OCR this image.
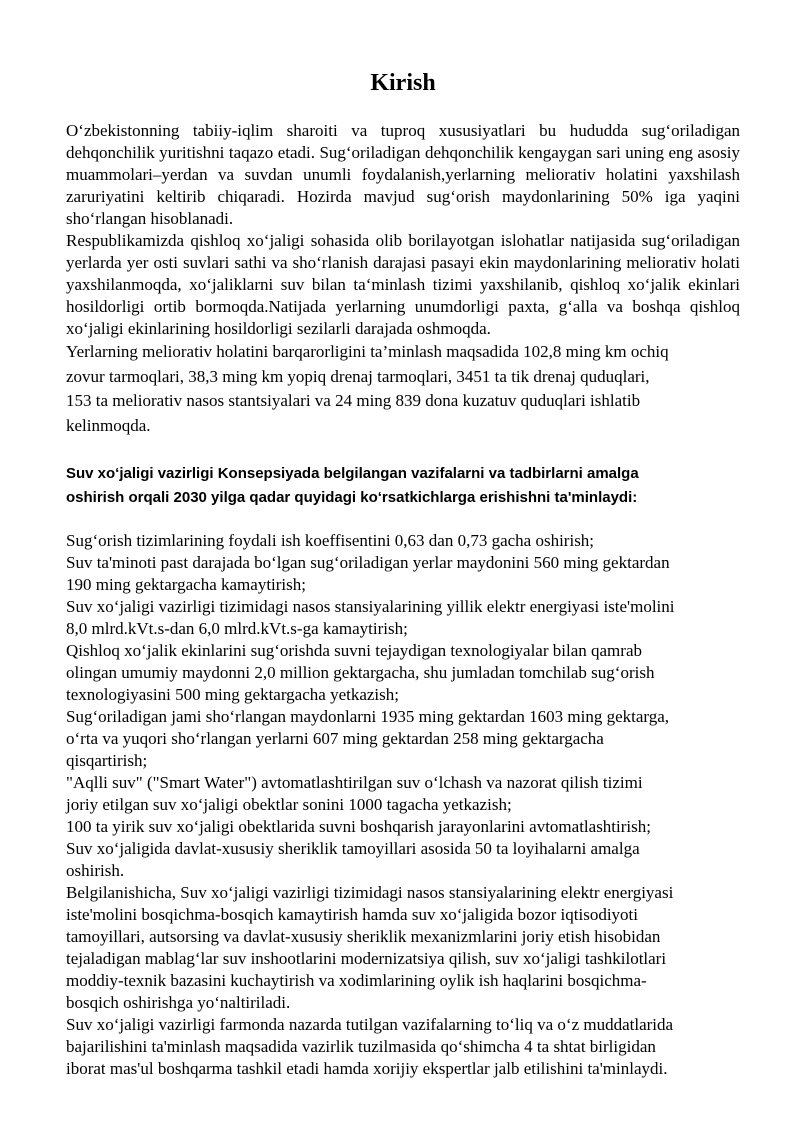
Kirish

O‘zbekistonning tabiiy-iqlim sharoiti va tuproq xususiyatlari bu hududda sug‘oriladigan dehqonchilik yuritishni taqazo etadi. Sug‘oriladigan dehqonchilik kengaygan sari uning eng asosiy muammolari–yerdan va suvdan unumli foydalanish,yerlarning meliorativ holatini yaxshilash zaruriyatini keltirib chiqaradi. Hozirda mavjud sug‘orish maydonlarining 50% iga yaqini sho‘rlangan hisoblanadi.

Respublikamizda qishloq xo‘jaligi sohasida olib borilayotgan islohatlar natijasida sug‘oriladigan yerlarda yer osti suvlari sathi va sho‘rlanish darajasi pasayi ekin maydonlarining meliorativ holati yaxshilanmoqda, xo‘jaliklarni suv bilan ta‘minlash tizimi yaxshilanib, qishloq xo‘jalik ekinlari hosildorligi ortib bormoqda.Natijada yerlarning unumdorligi paxta, g‘alla va boshqa qishloq xo‘jaligi ekinlarining hosildorligi sezilarli darajada oshmoqda.

Yerlarning meliorativ holatini barqarorligini ta’minlash maqsadida 102,8 ming km ochiq

zovur tarmoqlari, 38,3 ming km yopiq drenaj tarmoqlari, 3451 ta tik drenaj quduqlari,

153 ta meliorativ nasos stantsiyalari va 24 ming 839 dona kuzatuv quduqlari ishlatib

kelinmoqda.

Suv xo‘jaligi vazirligi Konsepsiyada belgilangan vazifalarni va tadbirlarni amalga
oshirish orqali 2030 yilga qadar quyidagi ko‘rsatkichlarga erishishni ta'minlaydi:

Sug‘orish tizimlarining foydali ish koeffisentini 0,63 dan 0,73 gacha oshirish;

Suv ta'minoti past darajada bo‘lgan sug‘oriladigan yerlar maydonini 560 ming gektardan
190 ming gektargacha kamaytirish;

Suv xo‘jaligi vazirligi tizimidagi nasos stansiyalarining yillik elektr energiyasi iste'molini
8,0 mlrd.kVt.s-dan 6,0 mlrd.kVt.s-ga kamaytirish;

Qishloq xo‘jalik ekinlarini sug‘orishda suvni tejaydigan texnologiyalar bilan qamrab
olingan umumiy maydonni 2,0 million gektargacha, shu jumladan tomchilab sug‘orish
texnologiyasini 500 ming gektargacha yetkazish;

Sug‘oriladigan jami sho‘rlangan maydonlarni 1935 ming gektardan 1603 ming gektarga,
o‘rta va yuqori sho‘rlangan yerlarni 607 ming gektardan 258 ming gektargacha
qisqartirish;

"Aqlli suv" ("Smart Water") avtomatlashtirilgan suv o‘lchash va nazorat qilish tizimi
joriy etilgan suv xo‘jaligi obektlar sonini 1000 tagacha yetkazish;

100 ta yirik suv xo‘jaligi obektlarida suvni boshqarish jarayonlarini avtomatlashtirish;

Suv xo‘jaligida davlat-xususiy sheriklik tamoyillari asosida 50 ta loyihalarni amalga
oshirish.

Belgilanishicha, Suv xo‘jaligi vazirligi tizimidagi nasos stansiyalarining elektr energiyasi
iste'molini bosqichma-bosqich kamaytirish hamda suv xo‘jaligida bozor iqtisodiyoti
tamoyillari, autsorsing va davlat-xususiy sheriklik mexanizmlarini joriy etish hisobidan
tejaladigan mablag‘lar suv inshootlarini modernizatsiya qilish, suv xo‘jaligi tashkilotlari
moddiy-texnik bazasini kuchaytirish va xodimlarining oylik ish haqlarini bosqichma-
bosqich oshirishga yo‘naltiriladi.

Suv xo‘jaligi vazirligi farmonda nazarda tutilgan vazifalarning to‘liq va o‘z muddatlarida
bajarilishini ta'minlash maqsadida vazirlik tuzilmasida qo‘shimcha 4 ta shtat birligidan
iborat mas'ul boshqarma tashkil etadi hamda xorijiy ekspertlar jalb etilishini ta'minlaydi.
